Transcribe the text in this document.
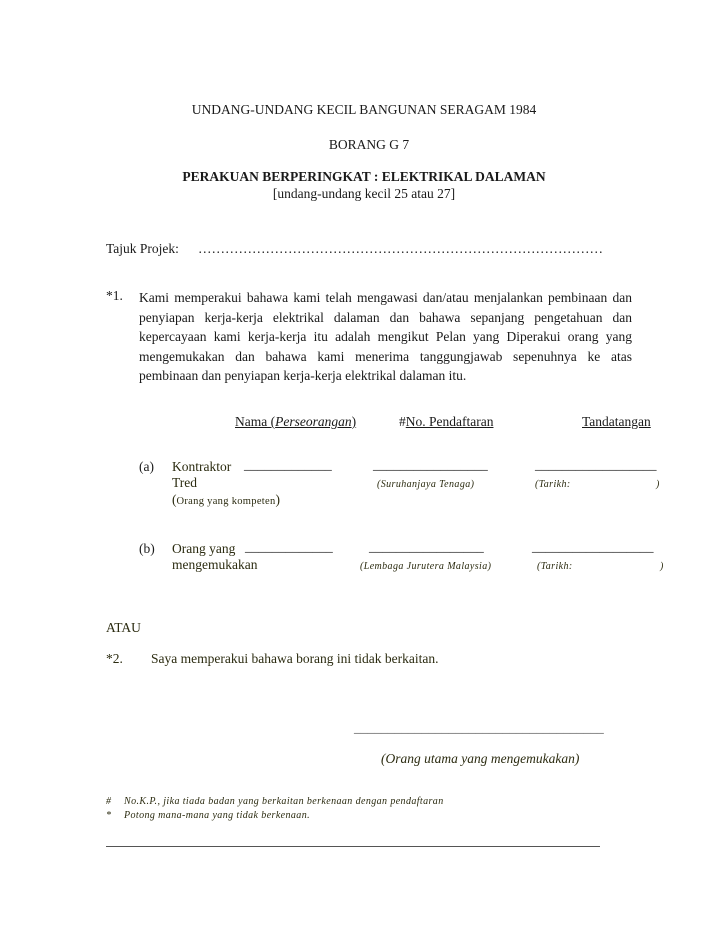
UNDANG-UNDANG KECIL BANGUNAN SERAGAM 1984
BORANG G 7
PERAKUAN BERPERINGKAT : ELEKTRIKAL DALAMAN
[undang-undang kecil 25 atau 27]
Tajuk Projek: ………………………………………………………………………………
*1. Kami memperakui bahawa kami telah mengawasi dan/atau menjalankan pembinaan dan penyiapan kerja-kerja elektrikal dalaman dan bahawa sepanjang pengetahuan dan kepercayaan kami kerja-kerja itu adalah mengikut Pelan yang Diperakui orang yang mengemukakan dan bahawa kami menerima tanggungjawab sepenuhnya ke atas pembinaan dan penyiapan kerja-kerja elektrikal dalaman itu.
Nama (Perseorangan)	#No. Pendaftaran	Tandatangan
(a) Kontraktor
Tred
(Orang yang kompeten)
_____________	_________________	__________________
(Suruhanjaya Tenaga)	(Tarikh:	)
(b) Orang yang
mengemukakan
_____________	_________________	__________________
(Lembaga Jurutera Malaysia)	(Tarikh:	)
ATAU
*2. Saya memperakui bahawa borang ini tidak berkaitan.
_____________________________________
(Orang utama yang mengemukakan)
# No.K.P., jika tiada badan yang berkaitan berkenaan dengan pendaftaran
* Potong mana-mana yang tidak berkenaan.
